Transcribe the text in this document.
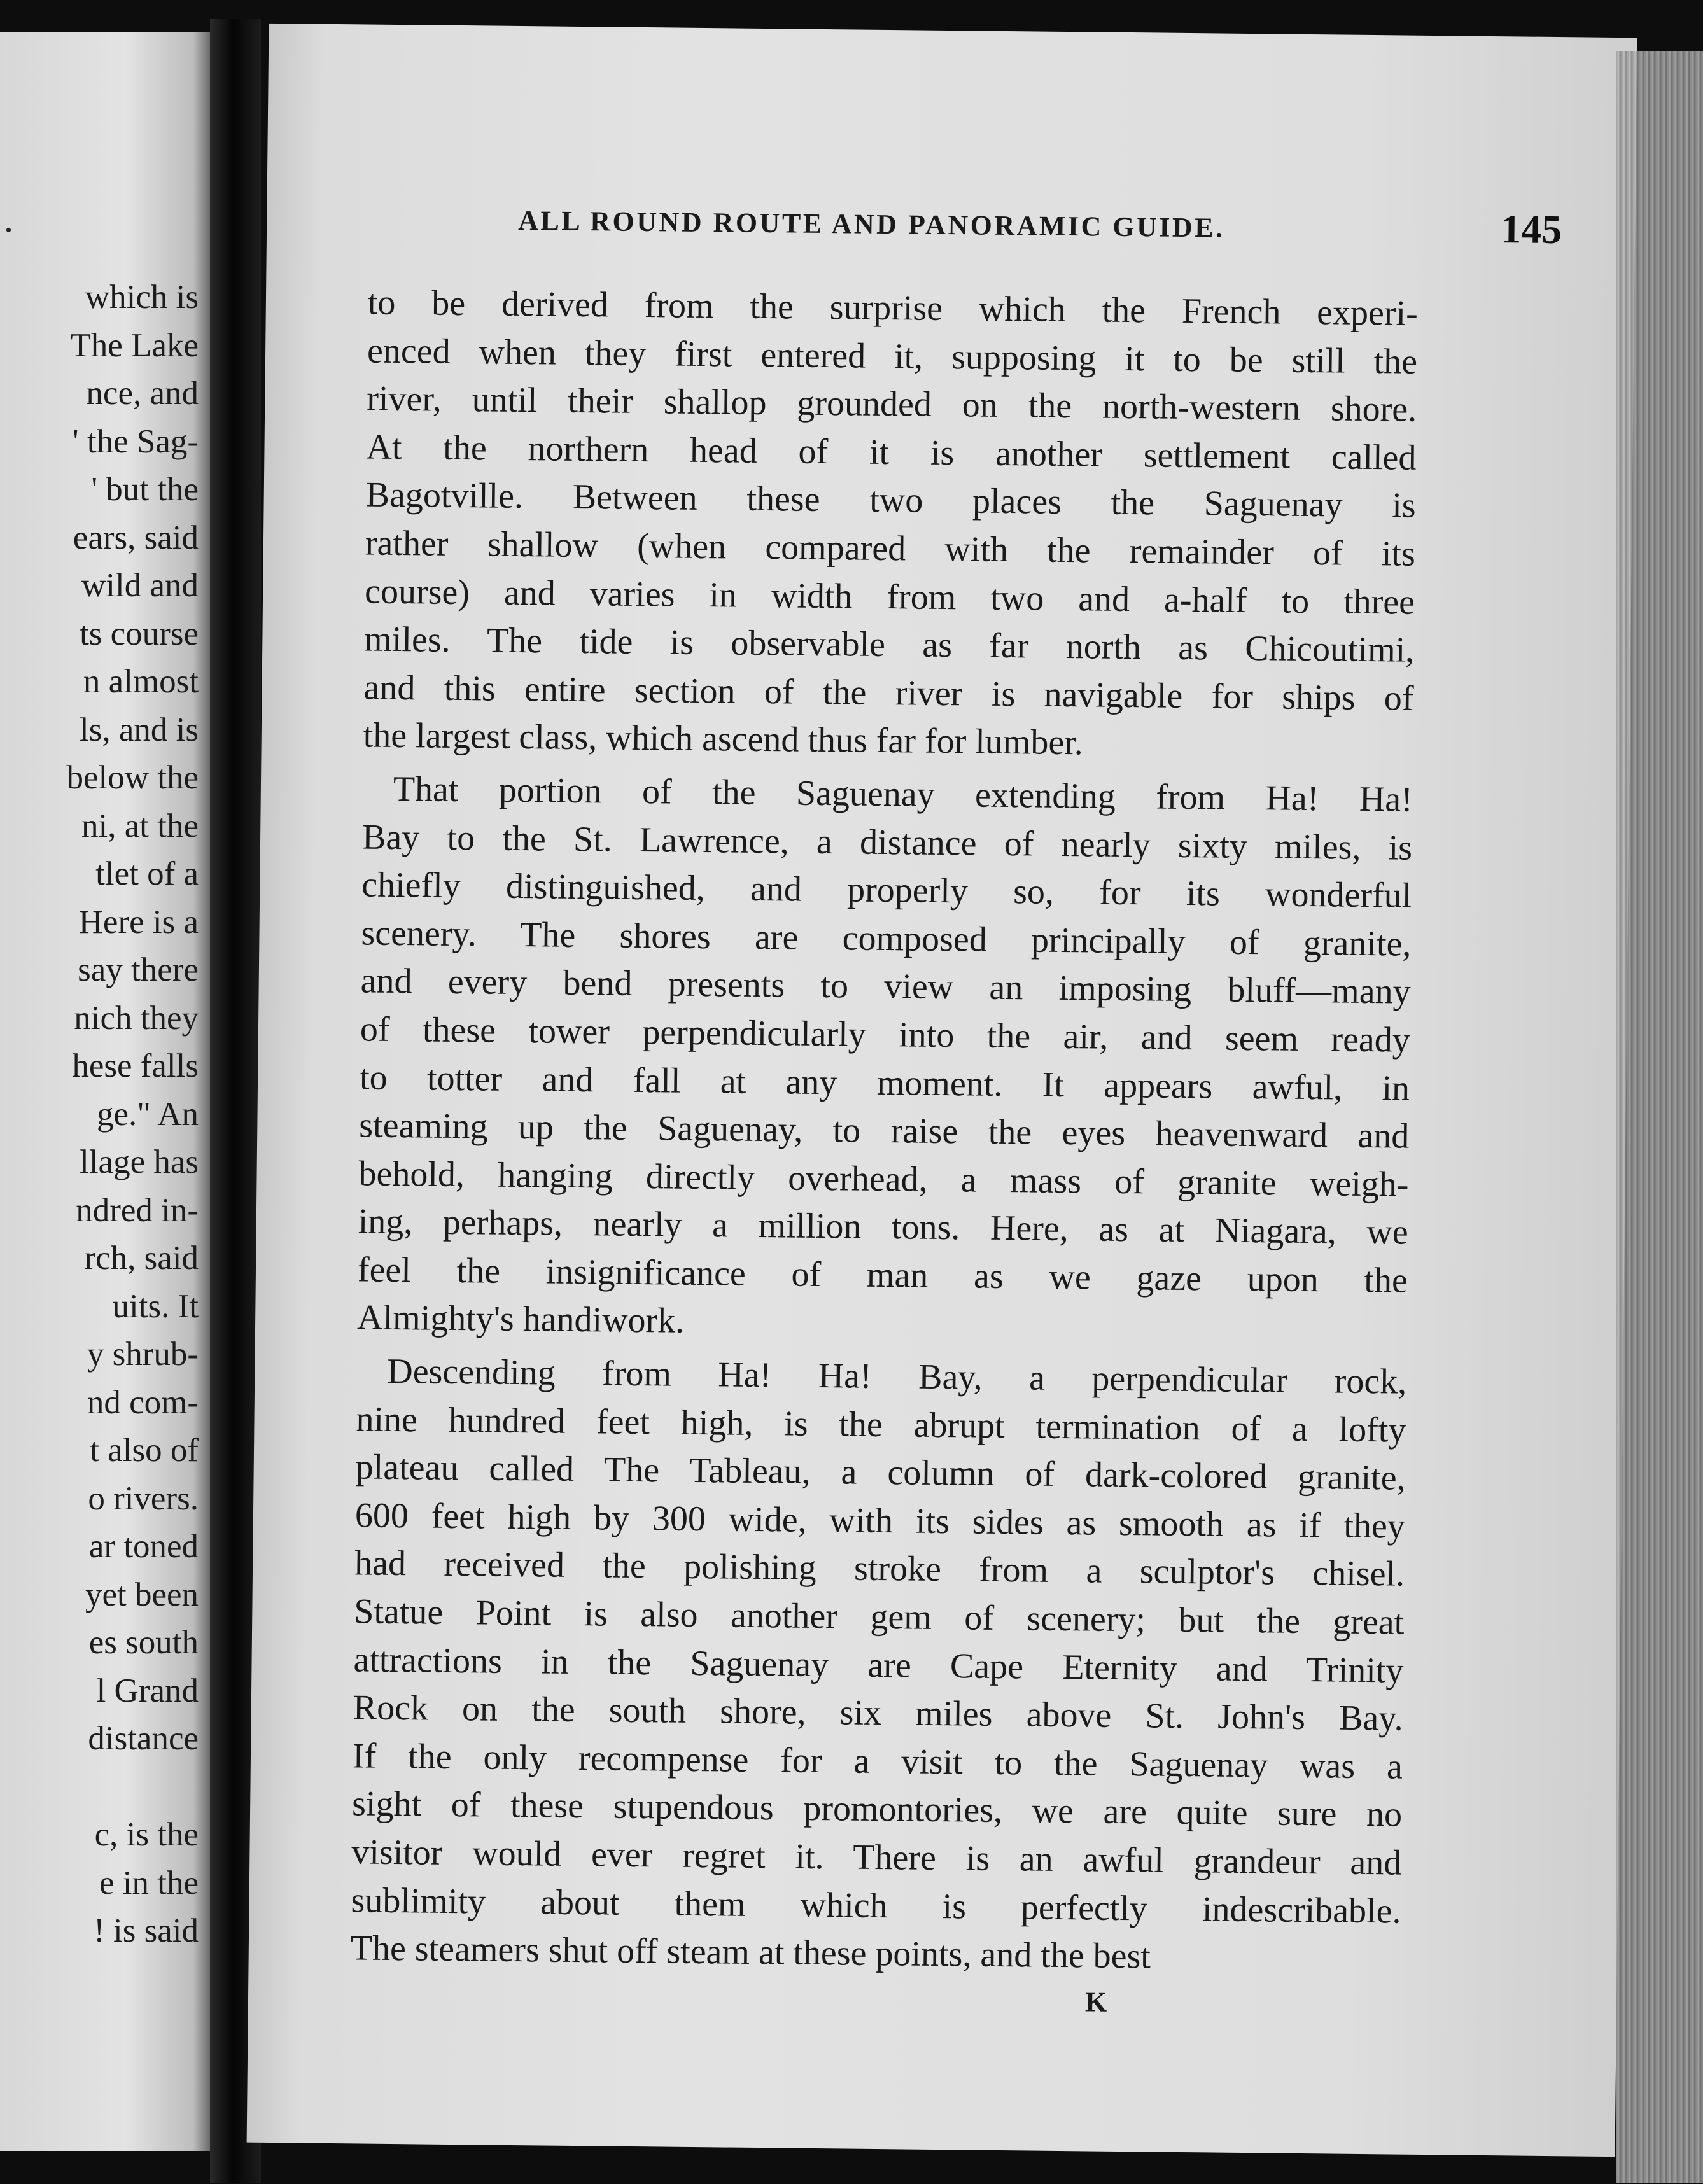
.
which is
The Lake
nce, and
' the Sag-
' but the
ears, said
wild and
ts course
n almost
ls, and is
below the
ni, at the
tlet of a
Here is a
say there
nich they
hese falls
ge." An
llage has
ndred in-
rch, said
uits. It
y shrub-
nd com-
t also of
o rivers.
ar toned
yet been
es south
l Grand
distance

c, is the
e in the
! is said
ALL ROUND ROUTE AND PANORAMIC GUIDE.	145
to be derived from the surprise which the French experi-
enced when they first entered it, supposing it to be still the
river, until their shallop grounded on the north-western shore.
At the northern head of it is another settlement called
Bagotville. Between these two places the Saguenay is
rather shallow (when compared with the remainder of its
course) and varies in width from two and a-half to three
miles. The tide is observable as far north as Chicoutimi,
and this entire section of the river is navigable for ships of
the largest class, which ascend thus far for lumber.
That portion of the Saguenay extending from Ha! Ha!
Bay to the St. Lawrence, a distance of nearly sixty miles, is
chiefly distinguished, and properly so, for its wonderful
scenery. The shores are composed principally of granite,
and every bend presents to view an imposing bluff—many
of these tower perpendicularly into the air, and seem ready
to totter and fall at any moment. It appears awful, in
steaming up the Saguenay, to raise the eyes heavenward and
behold, hanging directly overhead, a mass of granite weigh-
ing, perhaps, nearly a million tons. Here, as at Niagara, we
feel the insignificance of man as we gaze upon the
Almighty's handiwork.
Descending from Ha! Ha! Bay, a perpendicular rock,
nine hundred feet high, is the abrupt termination of a lofty
plateau called The Tableau, a column of dark-colored granite,
600 feet high by 300 wide, with its sides as smooth as if they
had received the polishing stroke from a sculptor's chisel.
Statue Point is also another gem of scenery; but the great
attractions in the Saguenay are Cape Eternity and Trinity
Rock on the south shore, six miles above St. John's Bay.
If the only recompense for a visit to the Saguenay was a
sight of these stupendous promontories, we are quite sure no
visitor would ever regret it. There is an awful grandeur and
sublimity about them which is perfectly indescribable.
The steamers shut off steam at these points, and the best
K
